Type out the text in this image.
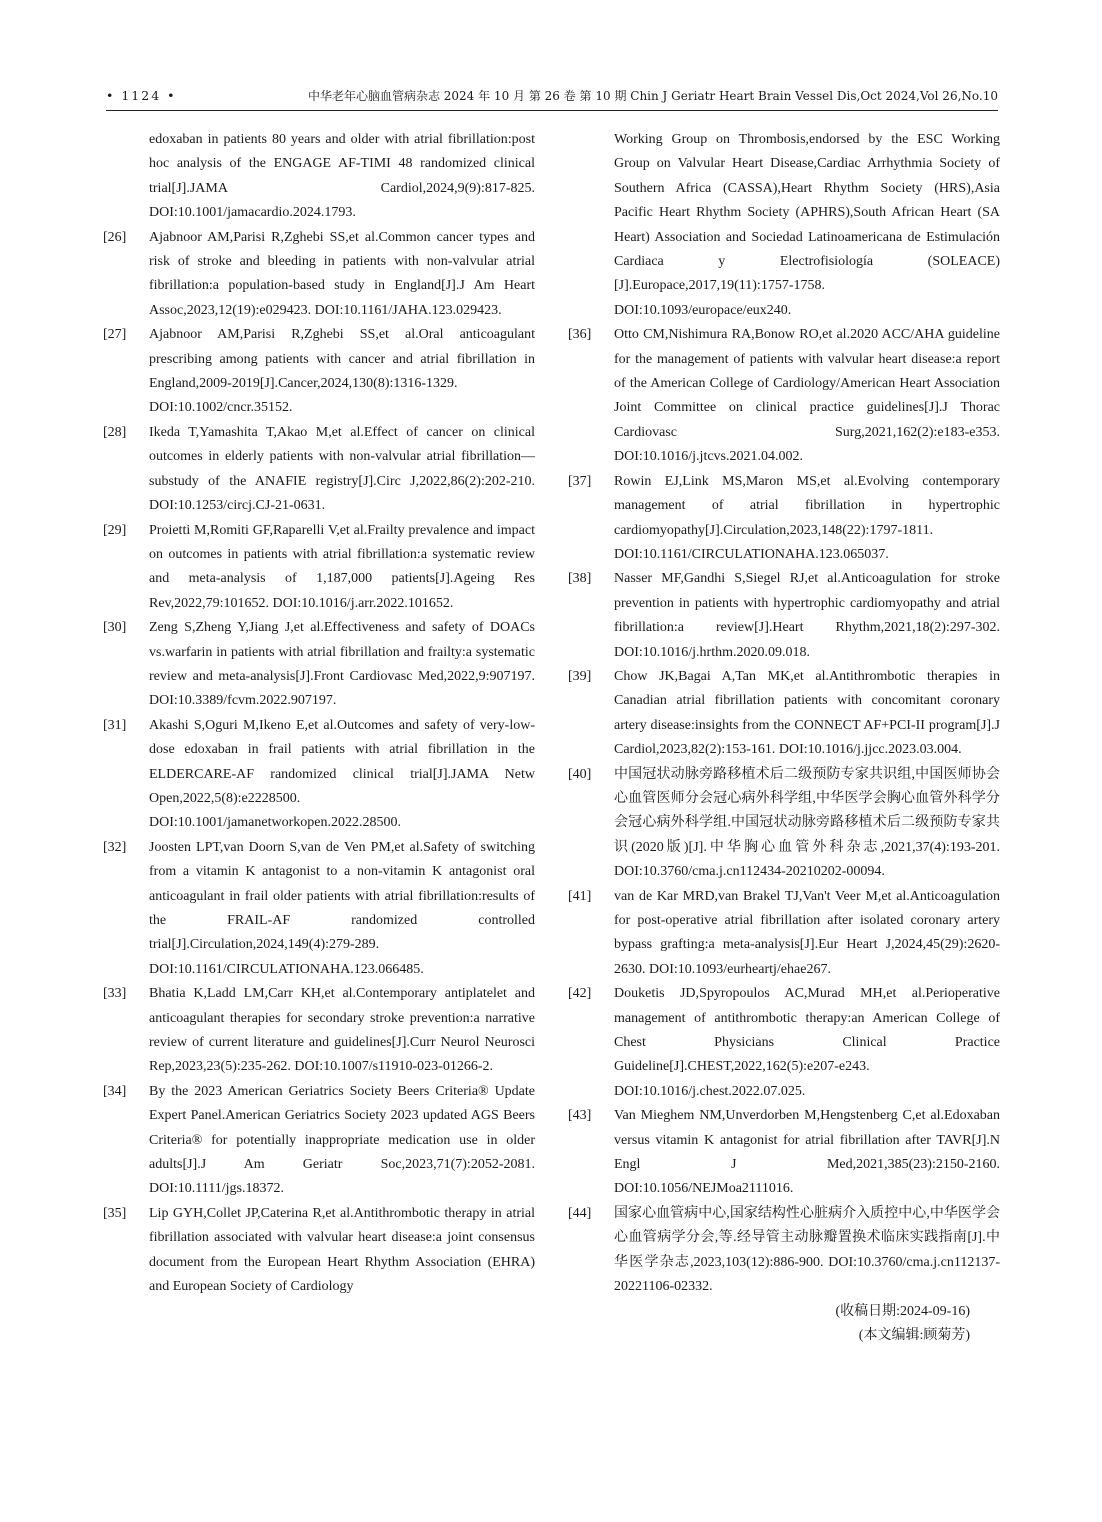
• 1124 •	中华老年心脑血管病杂志 2024 年 10 月 第 26 卷 第 10 期 Chin J Geriatr Heart Brain Vessel Dis,Oct 2024,Vol 26,No.10

edoxaban in patients 80 years and older with atrial fibrillation:post hoc analysis of the ENGAGE AF-TIMI 48 randomized clinical trial[J].JAMA Cardiol,2024,9(9):817-825. DOI:10.1001/jamacardio.2024.1793.

[26] Ajabnoor AM,Parisi R,Zghebi SS,et al.Common cancer types and risk of stroke and bleeding in patients with non-valvular atrial fibrillation:a population-based study in England[J].J Am Heart Assoc,2023,12(19):e029423. DOI:10.1161/JAHA.123.029423.

[27] Ajabnoor AM,Parisi R,Zghebi SS,et al.Oral anticoagulant prescribing among patients with cancer and atrial fibrillation in England,2009-2019[J].Cancer,2024,130(8):1316-1329. DOI:10.1002/cncr.35152.

[28] Ikeda T,Yamashita T,Akao M,et al.Effect of cancer on clinical outcomes in elderly patients with non-valvular atrial fibrillation—substudy of the ANAFIE registry[J].Circ J,2022,86(2):202-210. DOI:10.1253/circj.CJ-21-0631.

[29] Proietti M,Romiti GF,Raparelli V,et al.Frailty prevalence and impact on outcomes in patients with atrial fibrillation:a systematic review and meta-analysis of 1,187,000 patients[J].Ageing Res Rev,2022,79:101652. DOI:10.1016/j.arr.2022.101652.

[30] Zeng S,Zheng Y,Jiang J,et al.Effectiveness and safety of DOACs vs.warfarin in patients with atrial fibrillation and frailty:a systematic review and meta-analysis[J].Front Cardiovasc Med,2022,9:907197. DOI:10.3389/fcvm.2022.907197.

[31] Akashi S,Oguri M,Ikeno E,et al.Outcomes and safety of very-low-dose edoxaban in frail patients with atrial fibrillation in the ELDERCARE-AF randomized clinical trial[J].JAMA Netw Open,2022,5(8):e2228500. DOI:10.1001/jamanetworkopen.2022.28500.

[32] Joosten LPT,van Doorn S,van de Ven PM,et al.Safety of switching from a vitamin K antagonist to a non-vitamin K antagonist oral anticoagulant in frail older patients with atrial fibrillation:results of the FRAIL-AF randomized controlled trial[J].Circulation,2024,149(4):279-289. DOI:10.1161/CIRCULATIONAHA.123.066485.

[33] Bhatia K,Ladd LM,Carr KH,et al.Contemporary antiplatelet and anticoagulant therapies for secondary stroke prevention:a narrative review of current literature and guidelines[J].Curr Neurol Neurosci Rep,2023,23(5):235-262. DOI:10.1007/s11910-023-01266-2.

[34] By the 2023 American Geriatrics Society Beers Criteria® Update Expert Panel.American Geriatrics Society 2023 updated AGS Beers Criteria® for potentially inappropriate medication use in older adults[J].J Am Geriatr Soc,2023,71(7):2052-2081. DOI:10.1111/jgs.18372.

[35] Lip GYH,Collet JP,Caterina R,et al.Antithrombotic therapy in atrial fibrillation associated with valvular heart disease:a joint consensus document from the European Heart Rhythm Association (EHRA) and European Society of Cardiology

Working Group on Thrombosis,endorsed by the ESC Working Group on Valvular Heart Disease,Cardiac Arrhythmia Society of Southern Africa (CASSA),Heart Rhythm Society (HRS),Asia Pacific Heart Rhythm Society (APHRS),South African Heart (SA Heart) Association and Sociedad Latinoamericana de Estimulación Cardiaca y Electrofisiología (SOLEACE)[J].Europace,2017,19(11):1757-1758. DOI:10.1093/europace/eux240.

[36] Otto CM,Nishimura RA,Bonow RO,et al.2020 ACC/AHA guideline for the management of patients with valvular heart disease:a report of the American College of Cardiology/American Heart Association Joint Committee on clinical practice guidelines[J].J Thorac Cardiovasc Surg,2021,162(2):e183-e353. DOI:10.1016/j.jtcvs.2021.04.002.

[37] Rowin EJ,Link MS,Maron MS,et al.Evolving contemporary management of atrial fibrillation in hypertrophic cardiomyopathy[J].Circulation,2023,148(22):1797-1811. DOI:10.1161/CIRCULATIONAHA.123.065037.

[38] Nasser MF,Gandhi S,Siegel RJ,et al.Anticoagulation for stroke prevention in patients with hypertrophic cardiomyopathy and atrial fibrillation:a review[J].Heart Rhythm,2021,18(2):297-302. DOI:10.1016/j.hrthm.2020.09.018.

[39] Chow JK,Bagai A,Tan MK,et al.Antithrombotic therapies in Canadian atrial fibrillation patients with concomitant coronary artery disease:insights from the CONNECT AF+PCI-II program[J].J Cardiol,2023,82(2):153-161. DOI:10.1016/j.jjcc.2023.03.004.

[40] 中国冠状动脉旁路移植术后二级预防专家共识组,中国医师协会心血管医师分会冠心病外科学组,中华医学会胸心血管外科学分会冠心病外科学组.中国冠状动脉旁路移植术后二级预防专家共识(2020版)[J].中华胸心血管外科杂志,2021,37(4):193-201. DOI:10.3760/cma.j.cn112434-20210202-00094.

[41] van de Kar MRD,van Brakel TJ,Van't Veer M,et al.Anticoagulation for post-operative atrial fibrillation after isolated coronary artery bypass grafting:a meta-analysis[J].Eur Heart J,2024,45(29):2620-2630. DOI:10.1093/eurheartj/ehae267.

[42] Douketis JD,Spyropoulos AC,Murad MH,et al.Perioperative management of antithrombotic therapy:an American College of Chest Physicians Clinical Practice Guideline[J].CHEST,2022,162(5):e207-e243. DOI:10.1016/j.chest.2022.07.025.

[43] Van Mieghem NM,Unverdorben M,Hengstenberg C,et al.Edoxaban versus vitamin K antagonist for atrial fibrillation after TAVR[J].N Engl J Med,2021,385(23):2150-2160. DOI:10.1056/NEJMoa2111016.

[44] 国家心血管病中心,国家结构性心脏病介入质控中心,中华医学会心血管病学分会,等.经导管主动脉瓣置换术临床实践指南[J].中华医学杂志,2023,103(12):886-900. DOI:10.3760/cma.j.cn112137-20221106-02332.

(收稿日期:2024-09-16)
(本文编辑:顾菊芳)
